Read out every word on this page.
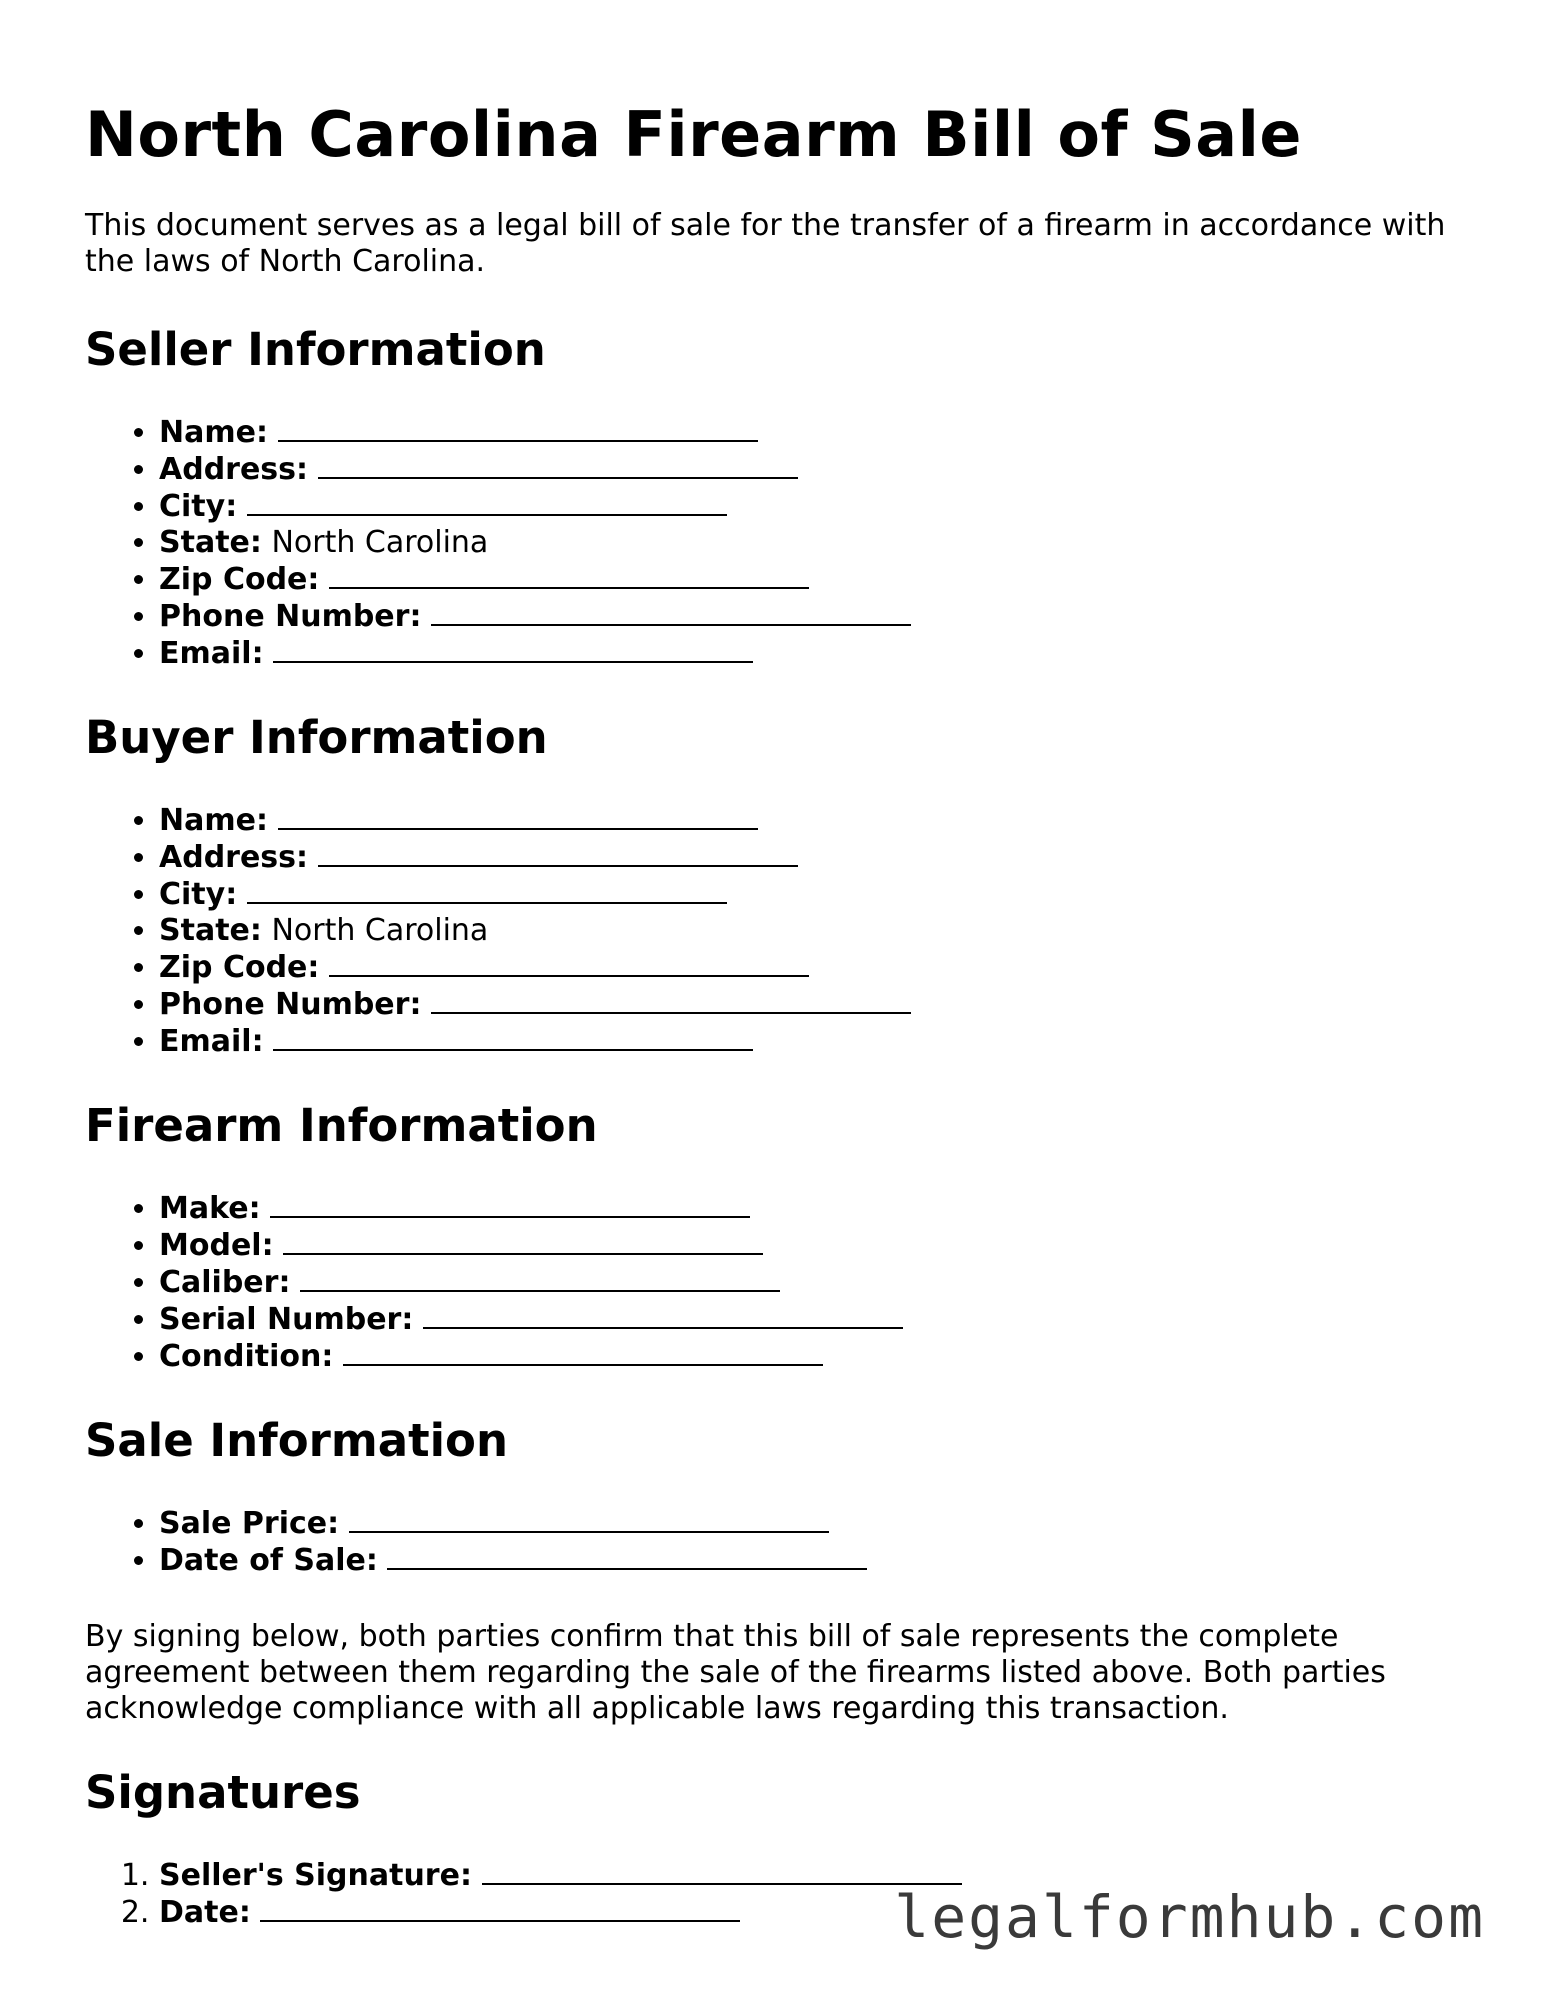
North Carolina Firearm Bill of Sale

This document serves as a legal bill of sale for the transfer of a firearm in accordance with the laws of North Carolina.

Seller Information
• Name:
• Address:
• City:
• State: North Carolina
• Zip Code:
• Phone Number:
• Email:
Buyer Information
• Name:
• Address:
• City:
• State: North Carolina
• Zip Code:
• Phone Number:
• Email:
Firearm Information
• Make:
• Model:
• Caliber:
• Serial Number:
• Condition:
Sale Information
• Sale Price:
• Date of Sale:

By signing below, both parties confirm that this bill of sale represents the complete agreement between them regarding the sale of the firearms listed above. Both parties acknowledge compliance with all applicable laws regarding this transaction.

Signatures
1. Seller's Signature:
2. Date:	legalformhub.com
